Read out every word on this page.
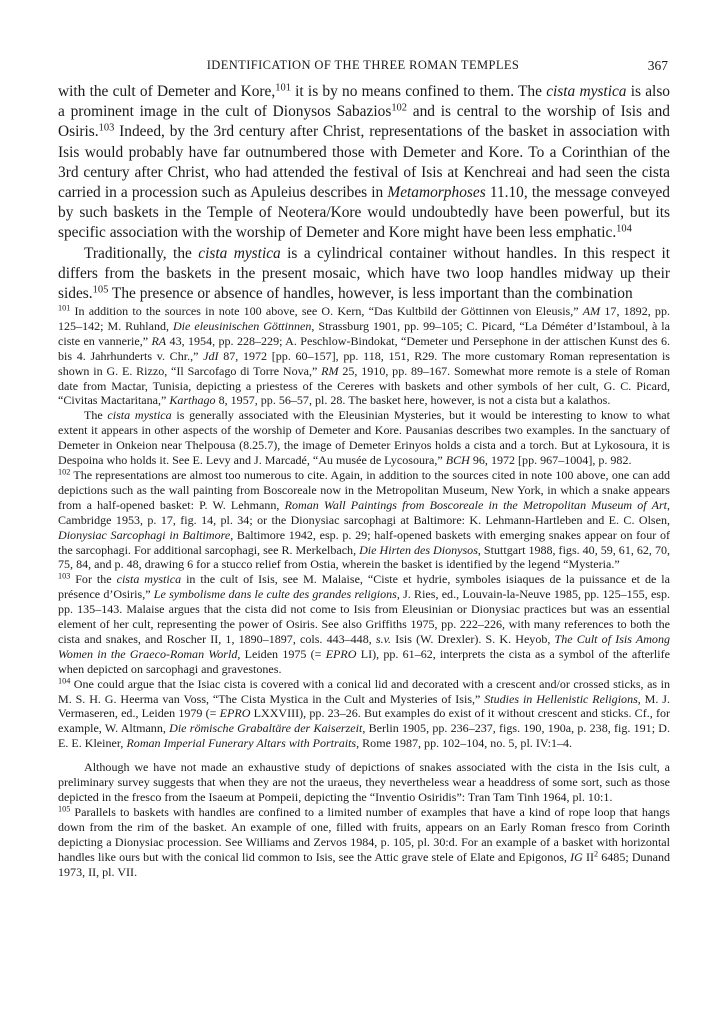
IDENTIFICATION OF THE THREE ROMAN TEMPLES	367

with the cult of Demeter and Kore,$^{101}$ it is by no means confined to them. The cista mystica is also a prominent image in the cult of Dionysos Sabazios$^{102}$ and is central to the worship of Isis and Osiris.$^{103}$ Indeed, by the 3rd century after Christ, representations of the basket in association with Isis would probably have far outnumbered those with Demeter and Kore. To a Corinthian of the 3rd century after Christ, who had attended the festival of Isis at Kenchreai and had seen the cista carried in a procession such as Apuleius describes in Metamorphoses 11.10, the message conveyed by such baskets in the Temple of Neotera/Kore would undoubtedly have been powerful, but its specific association with the worship of Demeter and Kore might have been less emphatic.$^{104}$

Traditionally, the cista mystica is a cylindrical container without handles. In this respect it differs from the baskets in the present mosaic, which have two loop handles midway up their sides.$^{105}$ The presence or absence of handles, however, is less important than the combination

$^{101}$ In addition to the sources in note 100 above, see O. Kern, “Das Kultbild der Göttinnen von Eleusis,” AM 17, 1892, pp. 125–142; M. Ruhland, Die eleusinischen Göttinnen, Strassburg 1901, pp. 99–105; C. Picard, “La Déméter d’Istamboul, à la ciste en vannerie,” RA 43, 1954, pp. 228–229; A. Peschlow-Bindokat, “Demeter und Persephone in der attischen Kunst des 6. bis 4. Jahrhunderts v. Chr.,” JdI 87, 1972 [pp. 60–157], pp. 118, 151, R29. The more customary Roman representation is shown in G. E. Rizzo, “Il Sarcofago di Torre Nova,” RM 25, 1910, pp. 89–167. Somewhat more remote is a stele of Roman date from Mactar, Tunisia, depicting a priestess of the Cereres with baskets and other symbols of her cult, G. C. Picard, “Civitas Mactaritana,” Karthago 8, 1957, pp. 56–57, pl. 28. The basket here, however, is not a cista but a kalathos.

The cista mystica is generally associated with the Eleusinian Mysteries, but it would be interesting to know to what extent it appears in other aspects of the worship of Demeter and Kore. Pausanias describes two examples. In the sanctuary of Demeter in Onkeion near Thelpousa (8.25.7), the image of Demeter Erinyos holds a cista and a torch. But at Lykosoura, it is Despoina who holds it. See E. Levy and J. Marcadé, “Au musée de Lycosoura,” BCH 96, 1972 [pp. 967–1004], p. 982.

$^{102}$ The representations are almost too numerous to cite. Again, in addition to the sources cited in note 100 above, one can add depictions such as the wall painting from Boscoreale now in the Metropolitan Museum, New York, in which a snake appears from a half-opened basket: P. W. Lehmann, Roman Wall Paintings from Boscoreale in the Metropolitan Museum of Art, Cambridge 1953, p. 17, fig. 14, pl. 34; or the Dionysiac sarcophagi at Baltimore: K. Lehmann-Hartleben and E. C. Olsen, Dionysiac Sarcophagi in Baltimore, Baltimore 1942, esp. p. 29; half-opened baskets with emerging snakes appear on four of the sarcophagi. For additional sarcophagi, see R. Merkelbach, Die Hirten des Dionysos, Stuttgart 1988, figs. 40, 59, 61, 62, 70, 75, 84, and p. 48, drawing 6 for a stucco relief from Ostia, wherein the basket is identified by the legend “Mysteria.”

$^{103}$ For the cista mystica in the cult of Isis, see M. Malaise, “Ciste et hydrie, symboles isiaques de la puissance et de la présence d’Osiris,” Le symbolisme dans le culte des grandes religions, J. Ries, ed., Louvain-la-Neuve 1985, pp. 125–155, esp. pp. 135–143. Malaise argues that the cista did not come to Isis from Eleusinian or Dionysiac practices but was an essential element of her cult, representing the power of Osiris. See also Griffiths 1975, pp. 222–226, with many references to both the cista and snakes, and Roscher II, 1, 1890–1897, cols. 443–448, s.v. Isis (W. Drexler). S. K. Heyob, The Cult of Isis Among Women in the Graeco-Roman World, Leiden 1975 (= EPRO LI), pp. 61–62, interprets the cista as a symbol of the afterlife when depicted on sarcophagi and gravestones.

$^{104}$ One could argue that the Isiac cista is covered with a conical lid and decorated with a crescent and/or crossed sticks, as in M. S. H. G. Heerma van Voss, “The Cista Mystica in the Cult and Mysteries of Isis,” Studies in Hellenistic Religions, M. J. Vermaseren, ed., Leiden 1979 (= EPRO LXXVIII), pp. 23–26. But examples do exist of it without crescent and sticks. Cf., for example, W. Altmann, Die römische Grabaltäre der Kaiserzeit, Berlin 1905, pp. 236–237, figs. 190, 190a, p. 238, fig. 191; D. E. E. Kleiner, Roman Imperial Funerary Altars with Portraits, Rome 1987, pp. 102–104, no. 5, pl. IV:1–4.

Although we have not made an exhaustive study of depictions of snakes associated with the cista in the Isis cult, a preliminary survey suggests that when they are not the uraeus, they nevertheless wear a headdress of some sort, such as those depicted in the fresco from the Isaeum at Pompeii, depicting the “Inventio Osiridis”: Tran Tam Tinh 1964, pl. 10:1.

$^{105}$ Parallels to baskets with handles are confined to a limited number of examples that have a kind of rope loop that hangs down from the rim of the basket. An example of one, filled with fruits, appears on an Early Roman fresco from Corinth depicting a Dionysiac procession. See Williams and Zervos 1984, p. 105, pl. 30:d. For an example of a basket with horizontal handles like ours but with the conical lid common to Isis, see the Attic grave stele of Elate and Epigonos, IG $II^2$ 6485; Dunand 1973, II, pl. VII.
